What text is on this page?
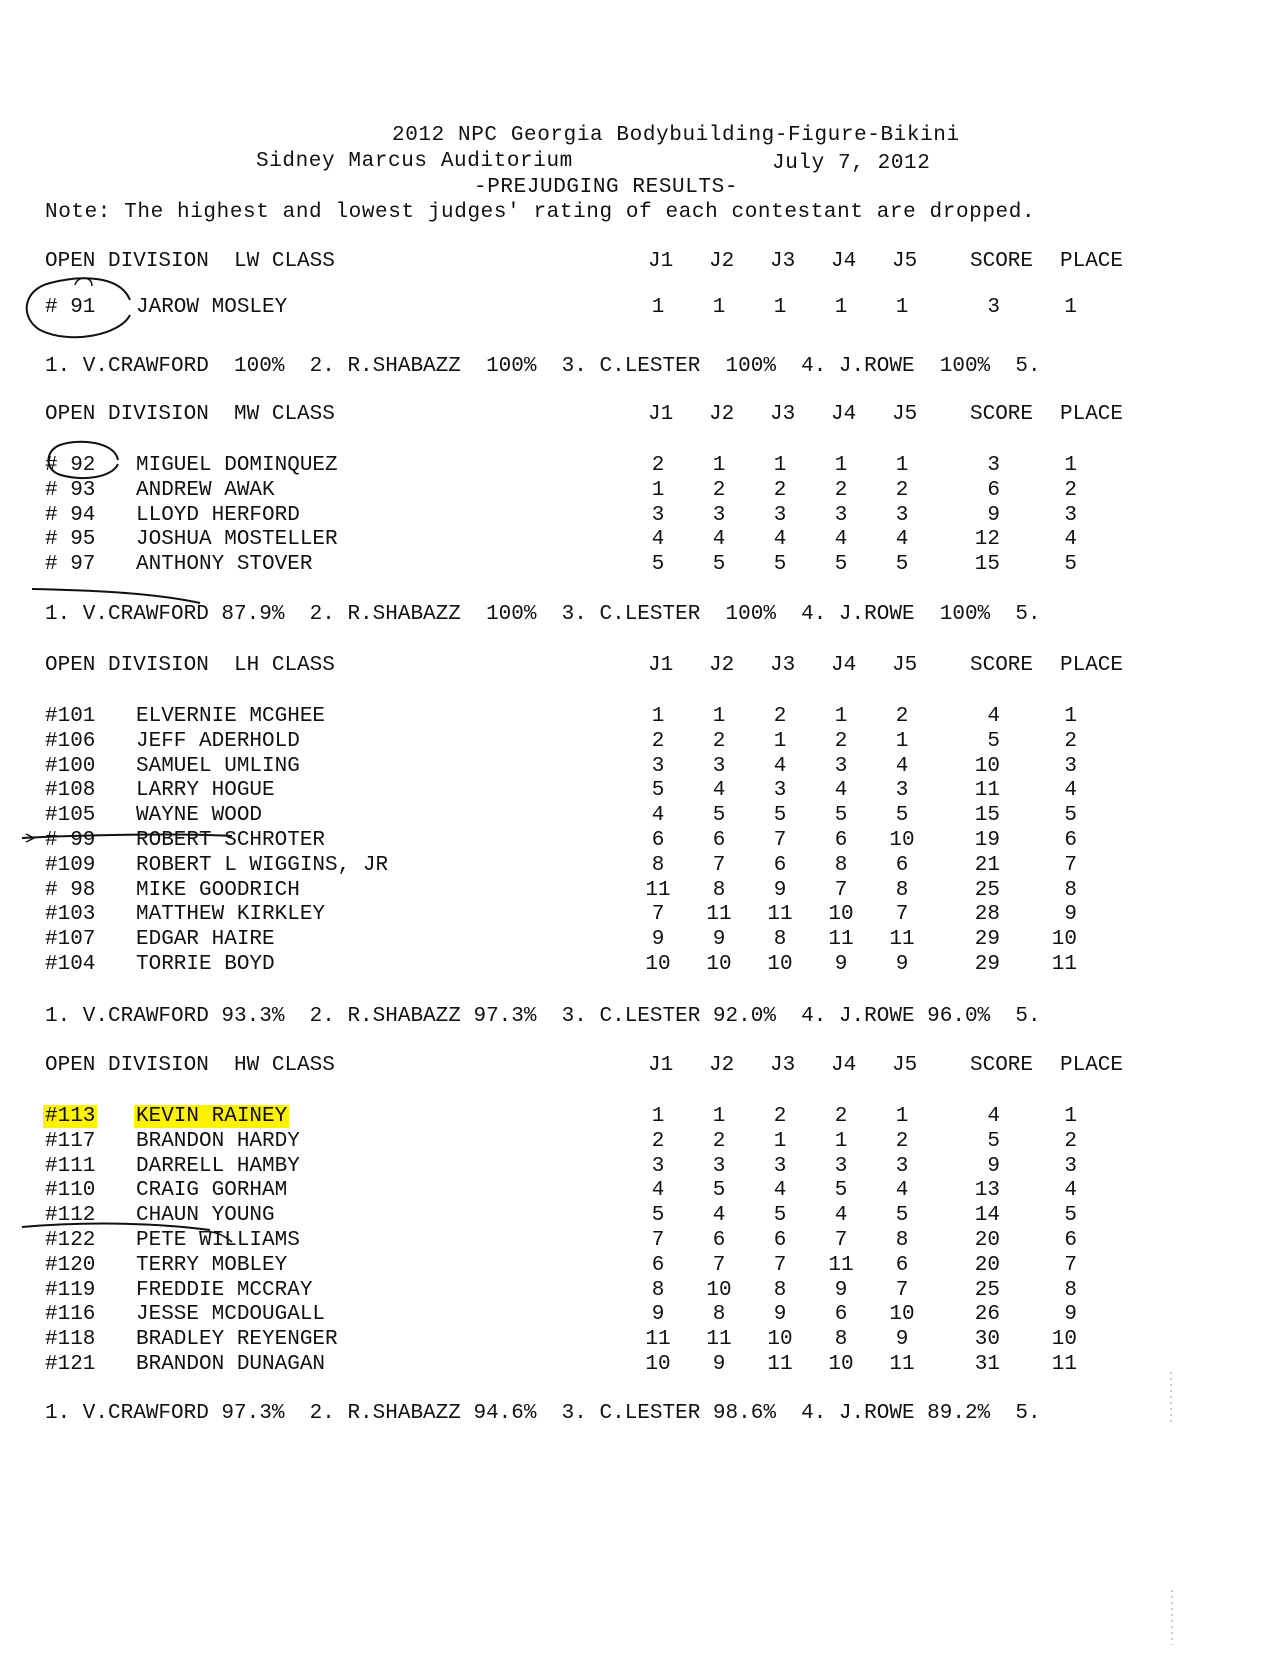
2012 NPC Georgia Bodybuilding-Figure-Bikini
Sidney Marcus Auditorium	July 7, 2012
-PREJUDGING RESULTS-
Note: The highest and lowest judges' rating of each contestant are dropped.
OPEN DIVISION  LW CLASS	J1 J2 J3 J4 J5	SCORE PLACE
# 91 JAROW MOSLEY	1	1	1	1	1	3	1
1. V.CRAWFORD  100%  2. R.SHABAZZ  100%  3. C.LESTER  100%  4. J.ROWE  100%  5.
OPEN DIVISION  MW CLASS	J1 J2 J3 J4 J5	SCORE PLACE
# 92 MIGUEL DOMINQUEZ	2	1	1	1	1	3	1
# 93 ANDREW AWAK	1	2	2	2	2	6	2
# 94 LLOYD HERFORD	3	3	3	3	3	9	3
# 95 JOSHUA MOSTELLER	4	4	4	4	4	12	4
# 97 ANTHONY STOVER	5	5	5	5	5	15	5
1. V.CRAWFORD 87.9%  2. R.SHABAZZ  100%  3. C.LESTER  100%  4. J.ROWE  100%  5.
OPEN DIVISION  LH CLASS	J1 J2 J3 J4 J5	SCORE PLACE
#101 ELVERNIE MCGHEE	1	1	2	1	2	4	1
#106 JEFF ADERHOLD	2	2	1	2	1	5	2
#100 SAMUEL UMLING	3	3	4	3	4	10	3
#108 LARRY HOGUE	5	4	3	4	3	11	4
#105 WAYNE WOOD	4	5	5	5	5	15	5
# 99 ROBERT SCHROTER	6	6	7	6	10	19	6
#109 ROBERT L WIGGINS, JR	8	7	6	8	6	21	7
# 98 MIKE GOODRICH	11	8	9	7	8	25	8
#103 MATTHEW KIRKLEY	7	11	11	10	7	28	9
#107 EDGAR HAIRE	9	9	8	11	11	29	10
#104 TORRIE BOYD	10	10	10	9	9	29	11
1. V.CRAWFORD 93.3%  2. R.SHABAZZ 97.3%  3. C.LESTER 92.0%  4. J.ROWE 96.0%  5.
OPEN DIVISION  HW CLASS	J1 J2 J3 J4 J5	SCORE PLACE
#113 KEVIN RAINEY	1	1	2	2	1	4	1
#117 BRANDON HARDY	2	2	1	1	2	5	2
#111 DARRELL HAMBY	3	3	3	3	3	9	3
#110 CRAIG GORHAM	4	5	4	5	4	13	4
#112 CHAUN YOUNG	5	4	5	4	5	14	5
#122 PETE WILLIAMS	7	6	6	7	8	20	6
#120 TERRY MOBLEY	6	7	7	11	6	20	7
#119 FREDDIE MCCRAY	8	10	8	9	7	25	8
#116 JESSE MCDOUGALL	9	8	9	6	10	26	9
#118 BRADLEY REYENGER	11	11	10	8	9	30	10
#121 BRANDON DUNAGAN	10	9	11	10	11	31	11
1. V.CRAWFORD 97.3%  2. R.SHABAZZ 94.6%  3. C.LESTER 98.6%  4. J.ROWE 89.2%  5.
